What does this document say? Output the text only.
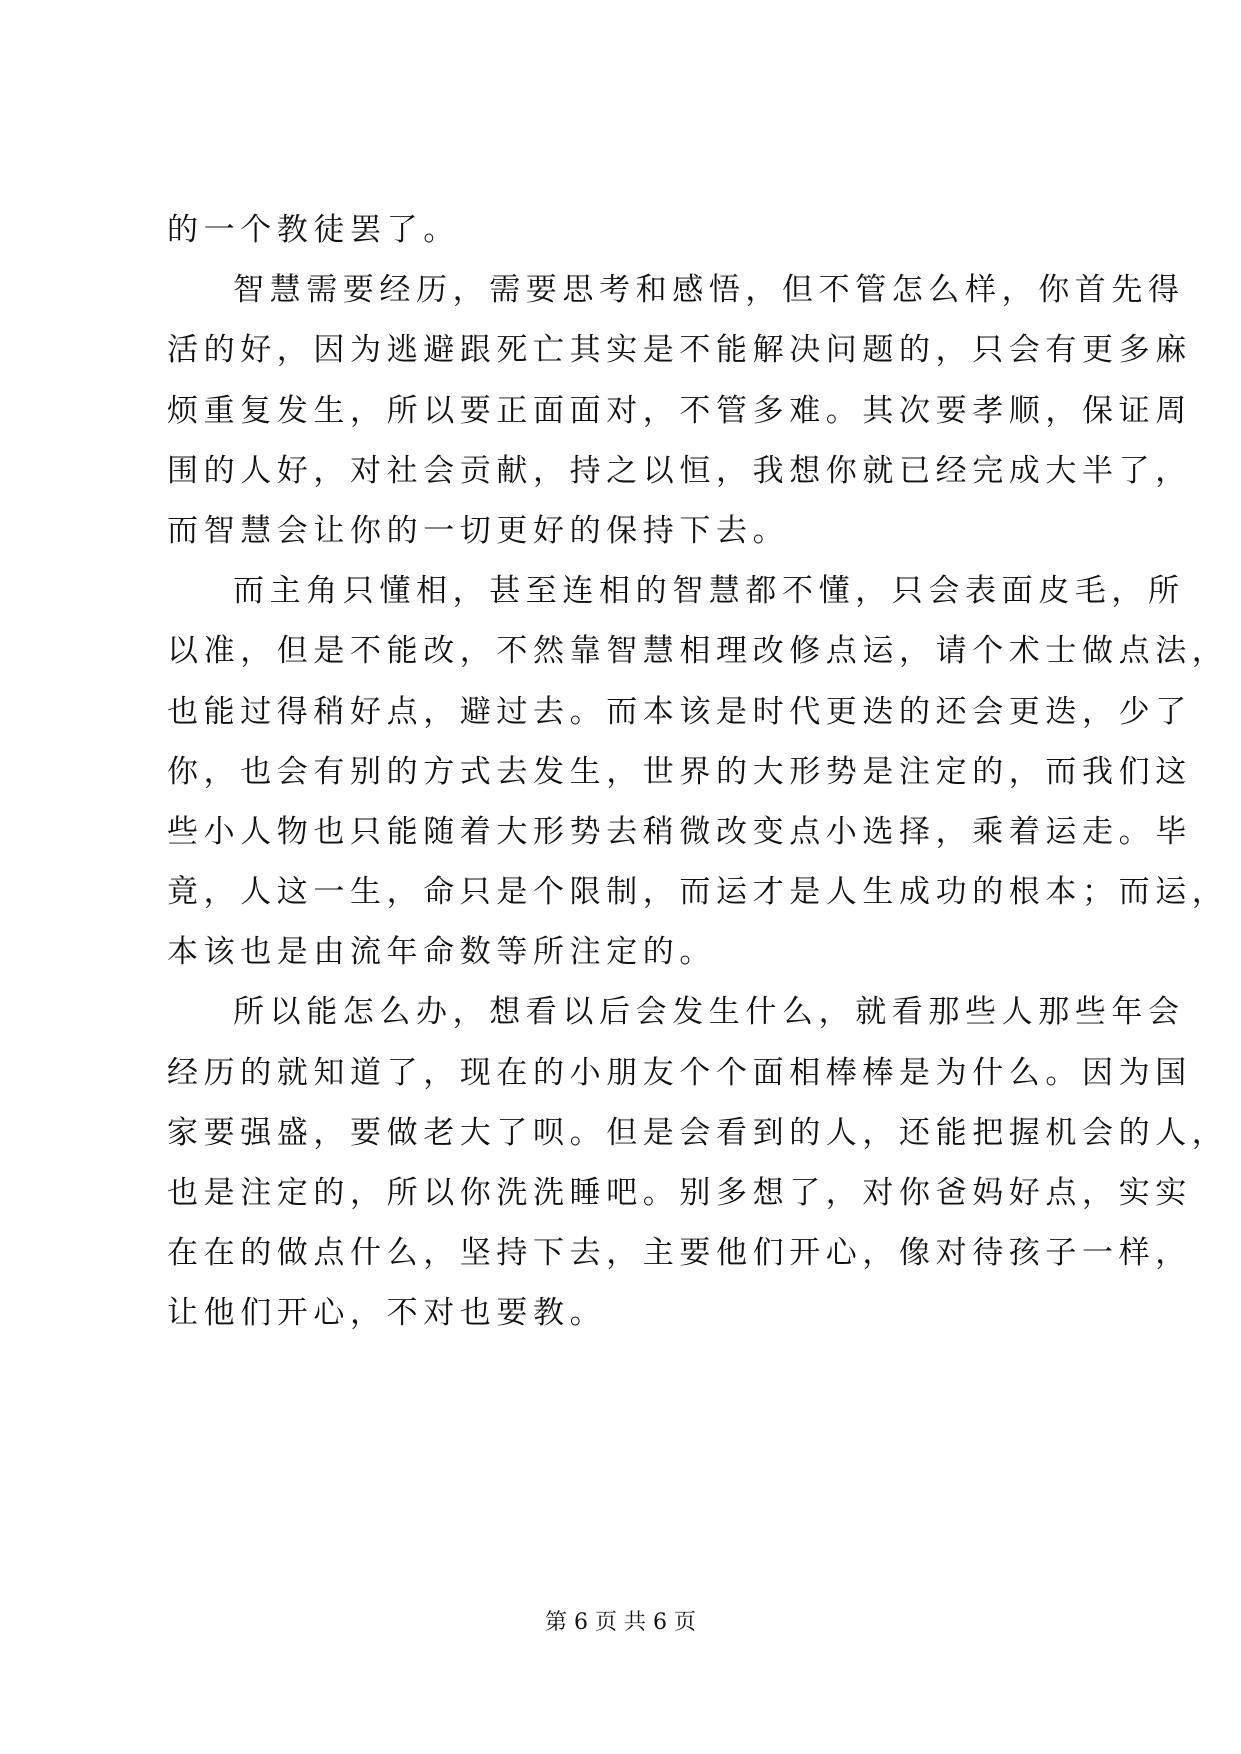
的一个教徒罢了。
智慧需要经历，需要思考和感悟，但不管怎么样，你首先得
活的好，因为逃避跟死亡其实是不能解决问题的，只会有更多麻
烦重复发生，所以要正面面对，不管多难。其次要孝顺，保证周
围的人好，对社会贡献，持之以恒，我想你就已经完成大半了，
而智慧会让你的一切更好的保持下去。
而主角只懂相，甚至连相的智慧都不懂，只会表面皮毛，所
以准，但是不能改，不然靠智慧相理改修点运，请个术士做点法，
也能过得稍好点，避过去。而本该是时代更迭的还会更迭，少了
你，也会有别的方式去发生，世界的大形势是注定的，而我们这
些小人物也只能随着大形势去稍微改变点小选择，乘着运走。毕
竟，人这一生，命只是个限制，而运才是人生成功的根本；而运，
本该也是由流年命数等所注定的。
所以能怎么办，想看以后会发生什么，就看那些人那些年会
经历的就知道了，现在的小朋友个个面相棒棒是为什么。因为国
家要强盛，要做老大了呗。但是会看到的人，还能把握机会的人，
也是注定的，所以你洗洗睡吧。别多想了，对你爸妈好点，实实
在在的做点什么，坚持下去，主要他们开心，像对待孩子一样，
让他们开心，不对也要教。
第 6 页 共 6 页
